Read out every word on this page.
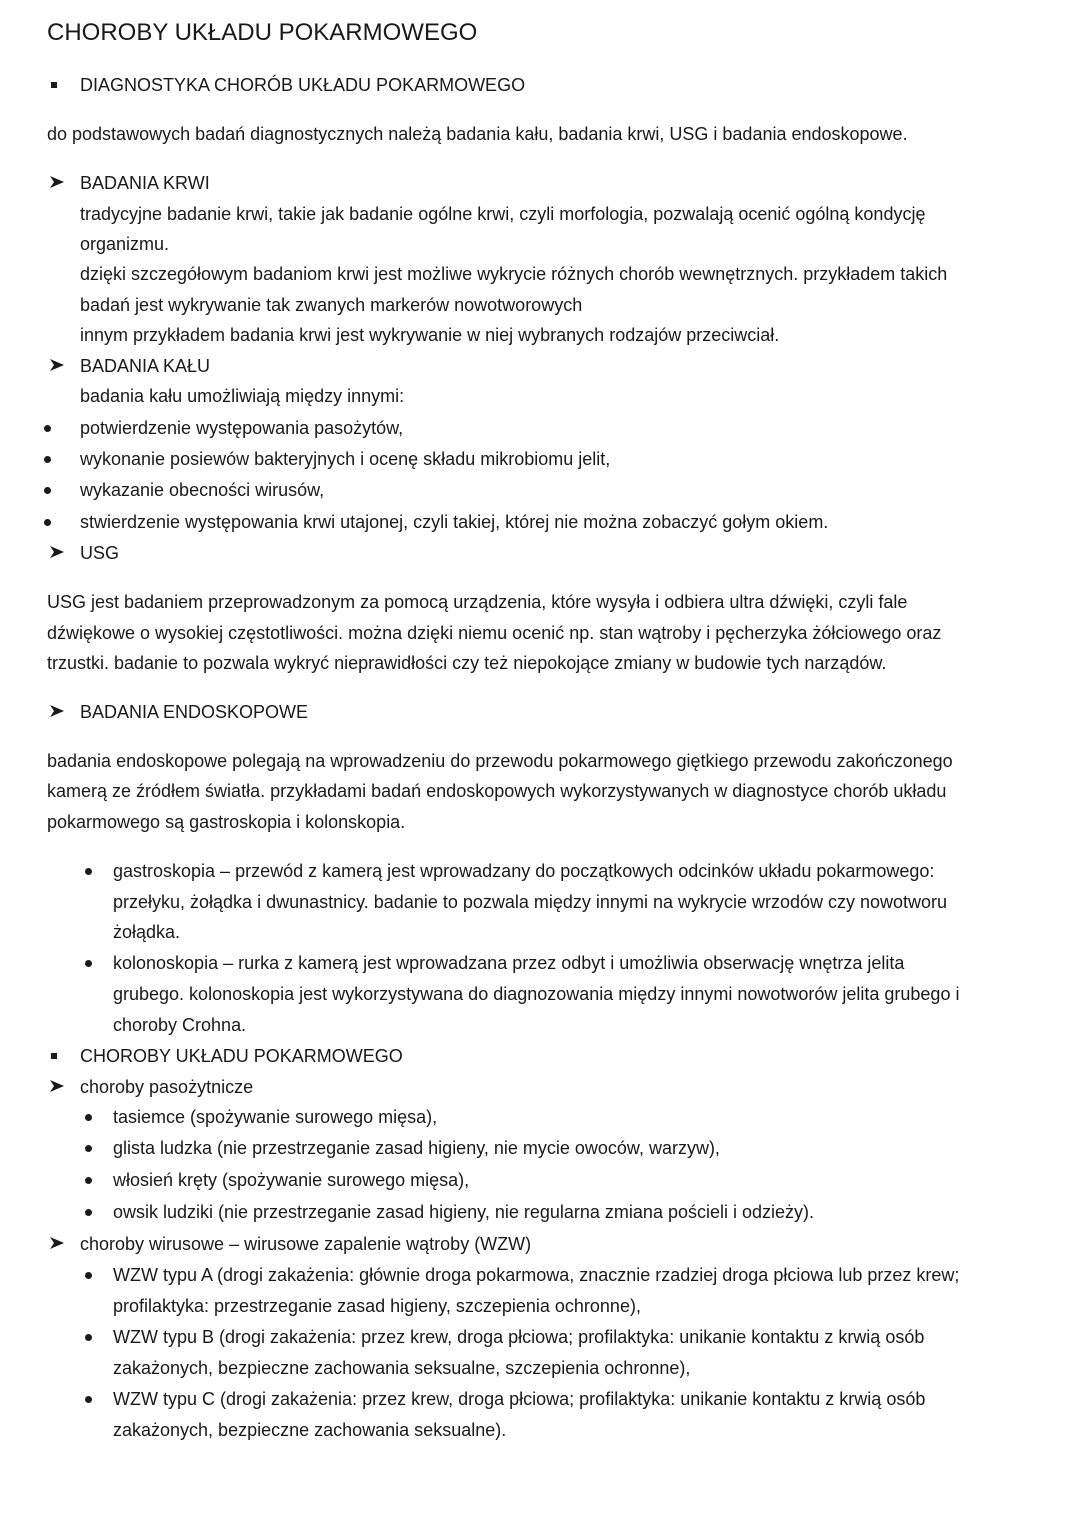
CHOROBY UKŁADU POKARMOWEGO
DIAGNOSTYKA CHORÓB UKŁADU POKARMOWEGO
do podstawowych badań diagnostycznych należą badania kału, badania krwi, USG i badania endoskopowe.
BADANIA KRWI
tradycyjne badanie krwi, takie jak badanie ogólne krwi, czyli morfologia, pozwalają ocenić ogólną kondycję
organizmu.
dzięki szczegółowym badaniom krwi jest możliwe wykrycie różnych chorób wewnętrznych. przykładem takich
badań jest wykrywanie tak zwanych markerów nowotworowych
innym przykładem badania krwi jest wykrywanie w niej wybranych rodzajów przeciwciał.
BADANIA KAŁU
badania kału umożliwiają między innymi:
potwierdzenie występowania pasożytów,
wykonanie posiewów bakteryjnych i ocenę składu mikrobiomu jelit,
wykazanie obecności wirusów,
stwierdzenie występowania krwi utajonej, czyli takiej, której nie można zobaczyć gołym okiem.
USG
USG jest badaniem przeprowadzonym za pomocą urządzenia, które wysyła i odbiera ultra dźwięki, czyli fale
dźwiękowe o wysokiej częstotliwości. można dzięki niemu ocenić np. stan wątroby i pęcherzyka żółciowego oraz
trzustki. badanie to pozwala wykryć nieprawidłości czy też niepokojące zmiany w budowie tych narządów.
BADANIA ENDOSKOPOWE
badania endoskopowe polegają na wprowadzeniu do przewodu pokarmowego giętkiego przewodu zakończonego
kamerą ze źródłem światła. przykładami badań endoskopowych wykorzystywanych w diagnostyce chorób układu
pokarmowego są gastroskopia i kolonskopia.
gastroskopia – przewód z kamerą jest wprowadzany do początkowych odcinków układu pokarmowego:
przełyku, żołądka i dwunastnicy. badanie to pozwala między innymi na wykrycie wrzodów czy nowotworu
żołądka.
kolonoskopia – rurka z kamerą jest wprowadzana przez odbyt i umożliwia obserwację wnętrza jelita
grubego. kolonoskopia jest wykorzystywana do diagnozowania między innymi nowotworów jelita grubego i
choroby Crohna.
CHOROBY UKŁADU POKARMOWEGO
choroby pasożytnicze
tasiemce (spożywanie surowego mięsa),
glista ludzka (nie przestrzeganie zasad higieny, nie mycie owoców, warzyw),
włosień kręty (spożywanie surowego mięsa),
owsik ludziki (nie przestrzeganie zasad higieny, nie regularna zmiana pościeli i odzieży).
choroby wirusowe – wirusowe zapalenie wątroby (WZW)
WZW typu A (drogi zakażenia: głównie droga pokarmowa, znacznie rzadziej droga płciowa lub przez krew;
profilaktyka: przestrzeganie zasad higieny, szczepienia ochronne),
WZW typu B (drogi zakażenia: przez krew, droga płciowa; profilaktyka: unikanie kontaktu z krwią osób
zakażonych, bezpieczne zachowania seksualne, szczepienia ochronne),
WZW typu C (drogi zakażenia: przez krew, droga płciowa; profilaktyka: unikanie kontaktu z krwią osób
zakażonych, bezpieczne zachowania seksualne).
